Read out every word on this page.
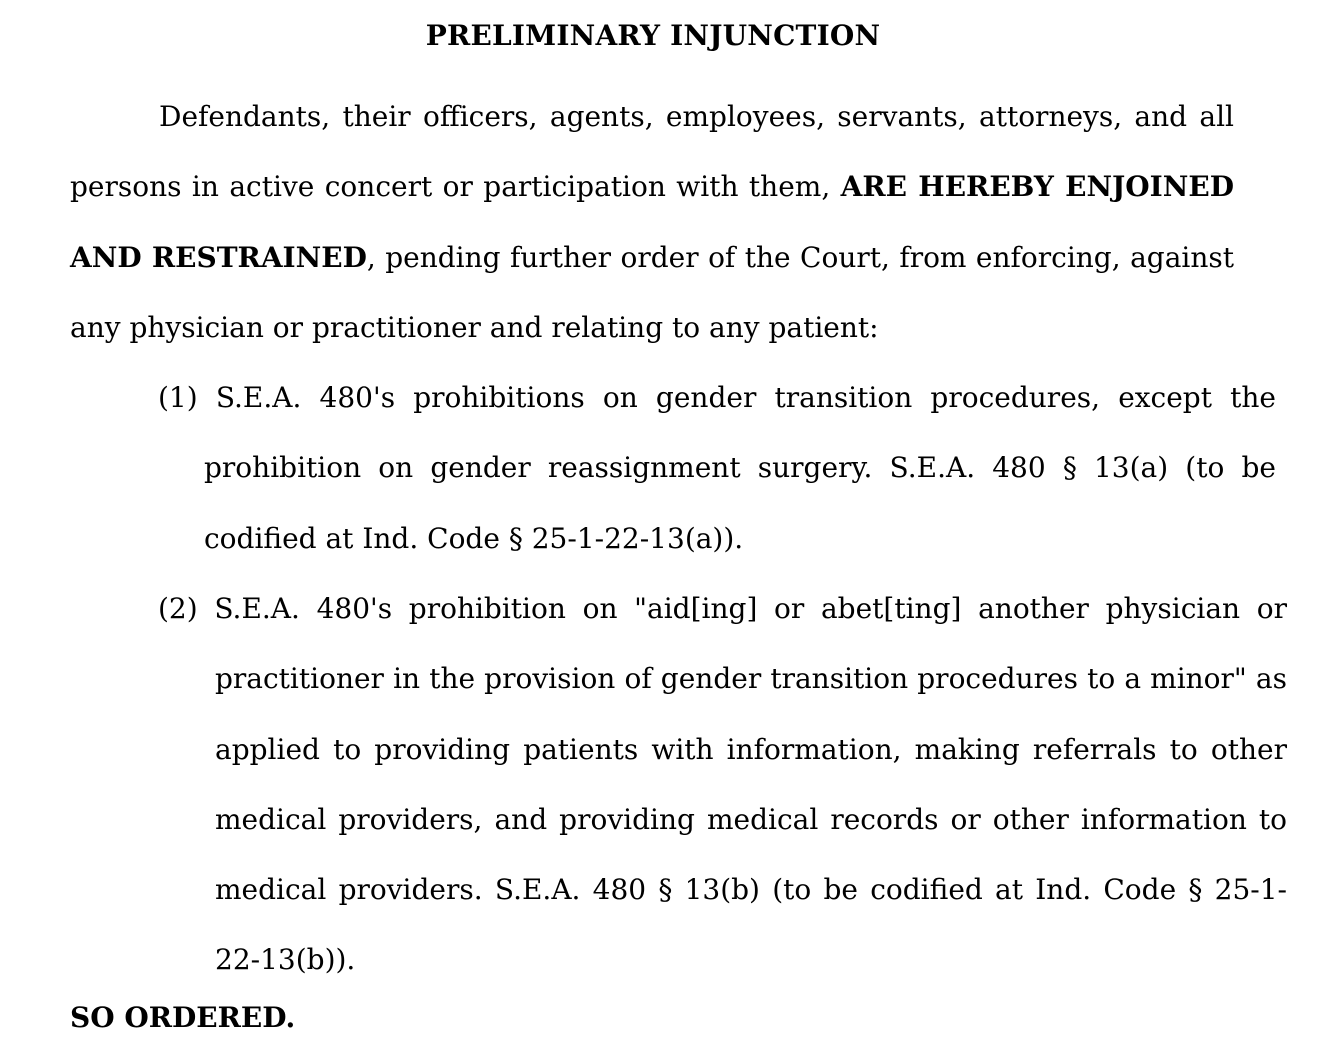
PRELIMINARY INJUNCTION

Defendants, their officers, agents, employees, servants, attorneys, and all persons in active concert or participation with them, ARE HEREBY ENJOINED AND RESTRAINED, pending further order of the Court, from enforcing, against any physician or practitioner and relating to any patient:

(1) S.E.A. 480's prohibitions on gender transition procedures, except the prohibition on gender reassignment surgery. S.E.A. 480 § 13(a) (to be codified at Ind. Code § 25-1-22-13(a)).

(2) S.E.A. 480's prohibition on "aid[ing] or abet[ting] another physician or practitioner in the provision of gender transition procedures to a minor" as applied to providing patients with information, making referrals to other medical providers, and providing medical records or other information to medical providers. S.E.A. 480 § 13(b) (to be codified at Ind. Code § 25-1-22-13(b)).

SO ORDERED.
